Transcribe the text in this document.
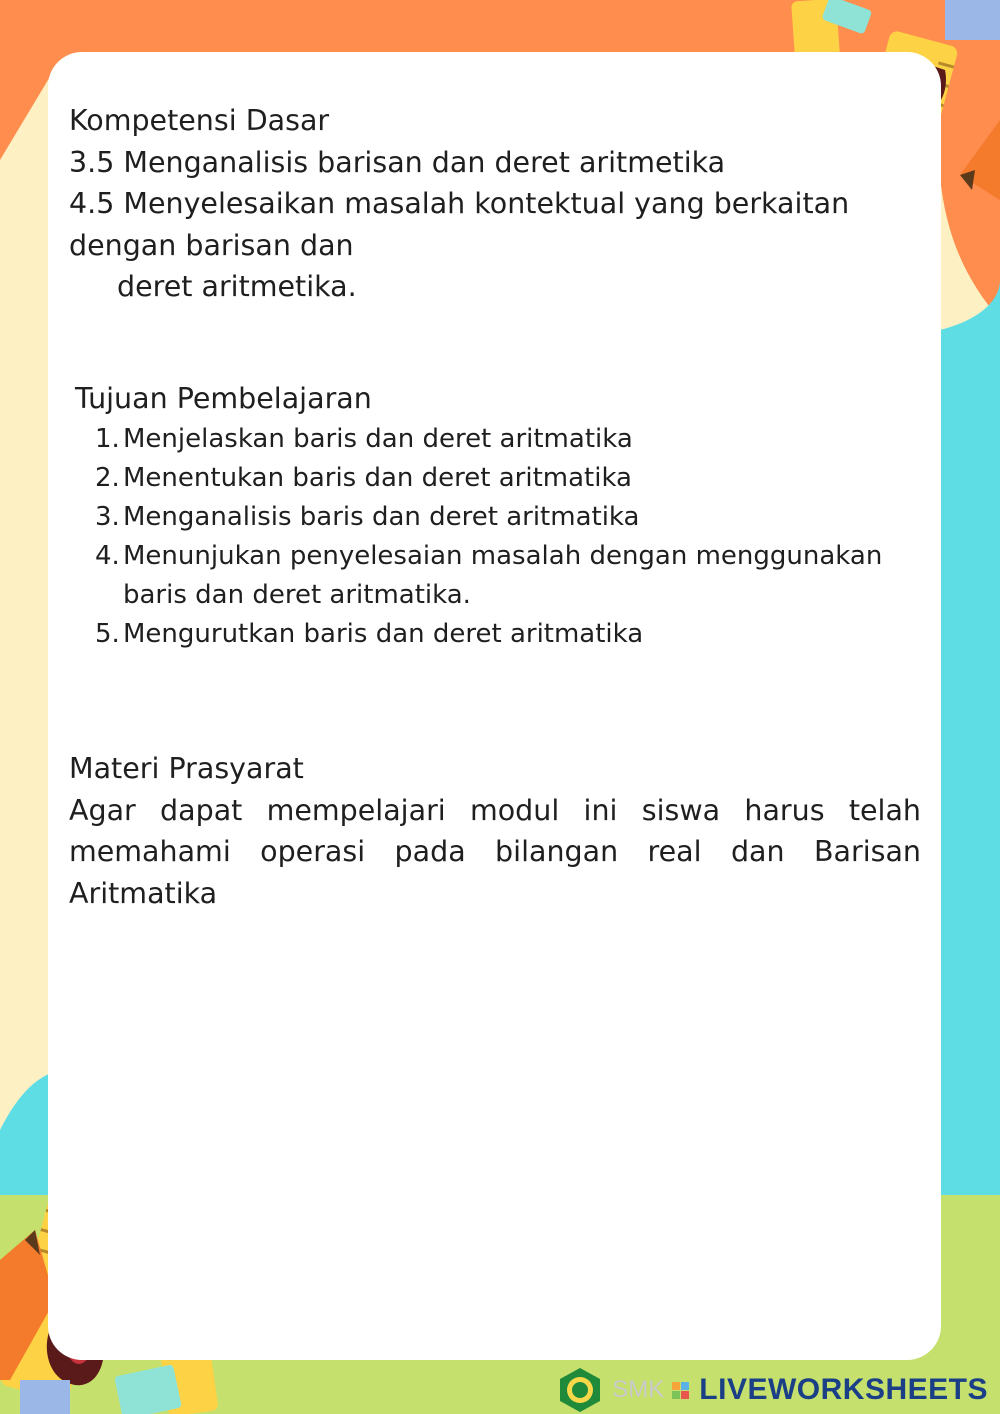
Kompetensi Dasar

3.5 Menganalisis barisan dan deret aritmetika

4.5 Menyelesaikan masalah kontektual yang berkaitan

dengan barisan dan

deret aritmetika.

Tujuan Pembelajaran

1. Menjelaskan baris dan deret aritmatika
2. Menentukan baris dan deret aritmatika
3. Menganalisis baris dan deret aritmatika
4. Menunjukan penyelesaian masalah dengan menggunakan baris dan deret aritmatika.
5. Mengurutkan baris dan deret aritmatika

Materi Prasyarat

Agar dapat mempelajari modul ini siswa harus telah memahami operasi pada bilangan real dan Barisan Aritmatika

SMK LIVEWORKSHEETS
